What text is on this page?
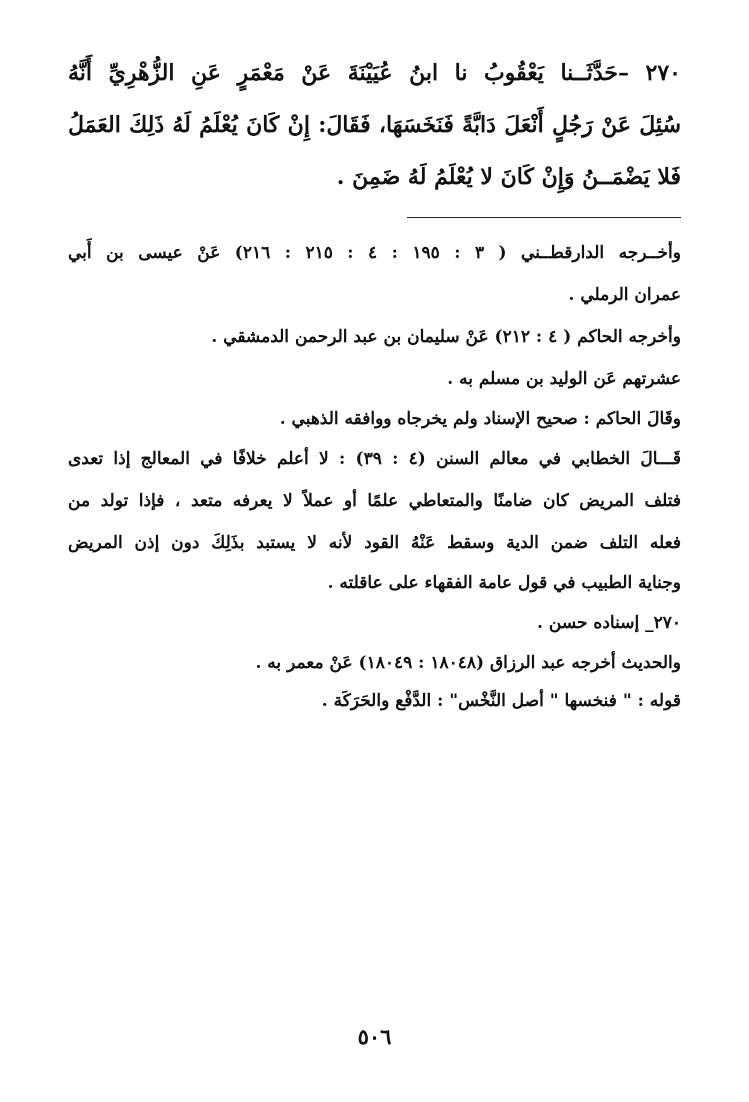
٢٧٠ –حَدَّثَــنا يَعْقُوبُ نا ابنُ عُيَيْنَةَ عَنْ مَعْمَرٍ عَنِ الزُّهْرِيِّ أَنَّهُ
سُئِلَ عَنْ رَجُلٍ أَنْعَلَ دَابَّةً فَنَخَسَهَا، فَقَالَ: إِنْ كَانَ يُعْلَمُ لَهُ ذَلِكَ العَمَلُ
فَلا يَضْمَــنُ وَإِنْ كَانَ لا يُعْلَمُ لَهُ ضَمِنَ .
وأخــرجه الدارقطــني ( ٣ : ١٩٥ : ٤ : ٢١٥ : ٢١٦) عَنْ عيسى بن أَبي
عمران الرملي .
وأخرجه الحاكم ( ٤ : ٢١٢) عَنْ سليمان بن عبد الرحمن الدمشقي .
عشرتهم عَن الوليد بن مسلم به .
وقَالَ الحاكم : صحيح الإسناد ولم يخرجاه ووافقه الذهبي .
قَـــالَ الخطابي في معالم السنن (٤ : ٣٩) : لا أعلم خلافًا في المعالج إذا تعدى
فتلف المريض كان ضامنًا والمتعاطي علمًا أو عملاً لا يعرفه متعد ، فإذا تولد من
فعله التلف ضمن الدية وسقط عَنْهُ القود لأنه لا يستبد بذَلِكَ دون إذن المريض
وجناية الطبيب في قول عامة الفقهاء على عاقلته .
٢٧٠_ إسناده حسن .
والحديث أخرجه عبد الرزاق (١٨٠٤٨ : ١٨٠٤٩) عَنْ معمر به .
قوله : " فنخسها " أصل النَّخْس" : الدَّفْع والحَرَكَة .
٥٠٦
